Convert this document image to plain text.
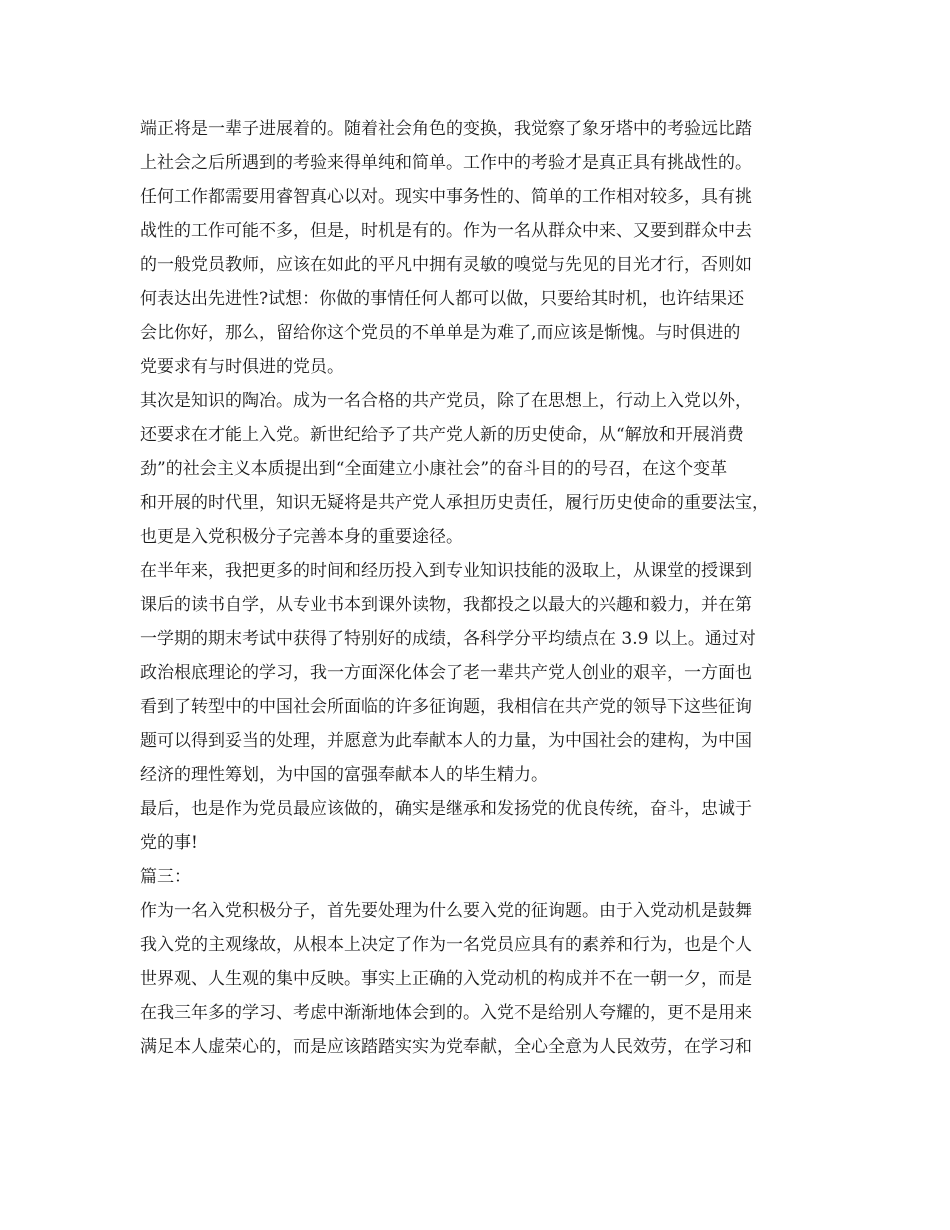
端正将是一辈子进展着的。随着社会角色的变换，我觉察了象牙塔中的考验远比踏
上社会之后所遇到的考验来得单纯和简单。工作中的考验才是真正具有挑战性的。
任何工作都需要用睿智真心以对。现实中事务性的、简单的工作相对较多，具有挑
战性的工作可能不多，但是，时机是有的。作为一名从群众中来、又要到群众中去
的一般党员教师，应该在如此的平凡中拥有灵敏的嗅觉与先见的目光才行，否则如
何表达出先进性?试想：你做的事情任何人都可以做，只要给其时机，也许结果还
会比你好，那么，留给你这个党员的不单单是为难了,而应该是惭愧。与时俱进的
党要求有与时俱进的党员。
其次是知识的陶冶。成为一名合格的共产党员，除了在思想上，行动上入党以外，
还要求在才能上入党。新世纪给予了共产党人新的历史使命，从“解放和开展消费
劲”的社会主义本质提出到“全面建立小康社会”的奋斗目的的号召，在这个变革
和开展的时代里，知识无疑将是共产党人承担历史责任，履行历史使命的重要法宝，
也更是入党积极分子完善本身的重要途径。
在半年来，我把更多的时间和经历投入到专业知识技能的汲取上，从课堂的授课到
课后的读书自学，从专业书本到课外读物，我都投之以最大的兴趣和毅力，并在第
一学期的期末考试中获得了特别好的成绩，各科学分平均绩点在 3.9 以上。通过对
政治根底理论的学习，我一方面深化体会了老一辈共产党人创业的艰辛，一方面也
看到了转型中的中国社会所面临的许多征询题，我相信在共产党的领导下这些征询
题可以得到妥当的处理，并愿意为此奉献本人的力量，为中国社会的建构，为中国
经济的理性筹划，为中国的富强奉献本人的毕生精力。
最后，也是作为党员最应该做的，确实是继承和发扬党的优良传统，奋斗，忠诚于
党的事!
篇三：
作为一名入党积极分子，首先要处理为什么要入党的征询题。由于入党动机是鼓舞
我入党的主观缘故，从根本上决定了作为一名党员应具有的素养和行为，也是个人
世界观、人生观的集中反映。事实上正确的入党动机的构成并不在一朝一夕，而是
在我三年多的学习、考虑中渐渐地体会到的。入党不是给别人夸耀的，更不是用来
满足本人虚荣心的，而是应该踏踏实实为党奉献，全心全意为人民效劳，在学习和
